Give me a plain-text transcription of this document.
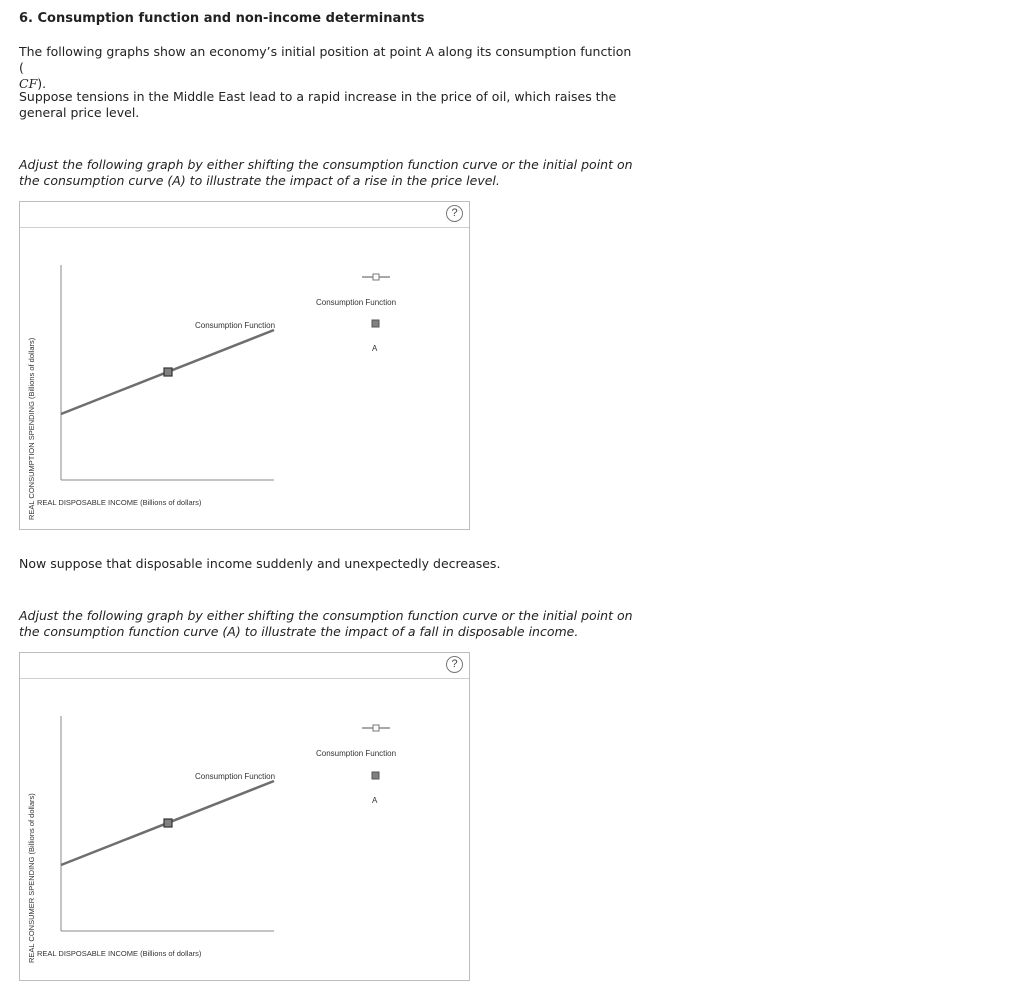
6. Consumption function and non-income determinants
The following graphs show an economy’s initial position at point A along its consumption function (
CF).
Suppose tensions in the Middle East lead to a rapid increase in the price of oil, which raises the
general price level.
Adjust the following graph by either shifting the consumption function curve or the initial point on
the consumption curve (A) to illustrate the impact of a rise in the price level.
?
REAL CONSUMPTION SPENDING (Billions of dollars) REAL DISPOSABLE INCOME (Billions of dollars)
Consumption Function
Consumption Function
A
Now suppose that disposable income suddenly and unexpectedly decreases.
Adjust the following graph by either shifting the consumption function curve or the initial point on
the consumption function curve (A) to illustrate the impact of a fall in disposable income.
?
REAL CONSUMER SPENDING (Billions of dollars) REAL DISPOSABLE INCOME (Billions of dollars)
Consumption Function
Consumption Function
A
